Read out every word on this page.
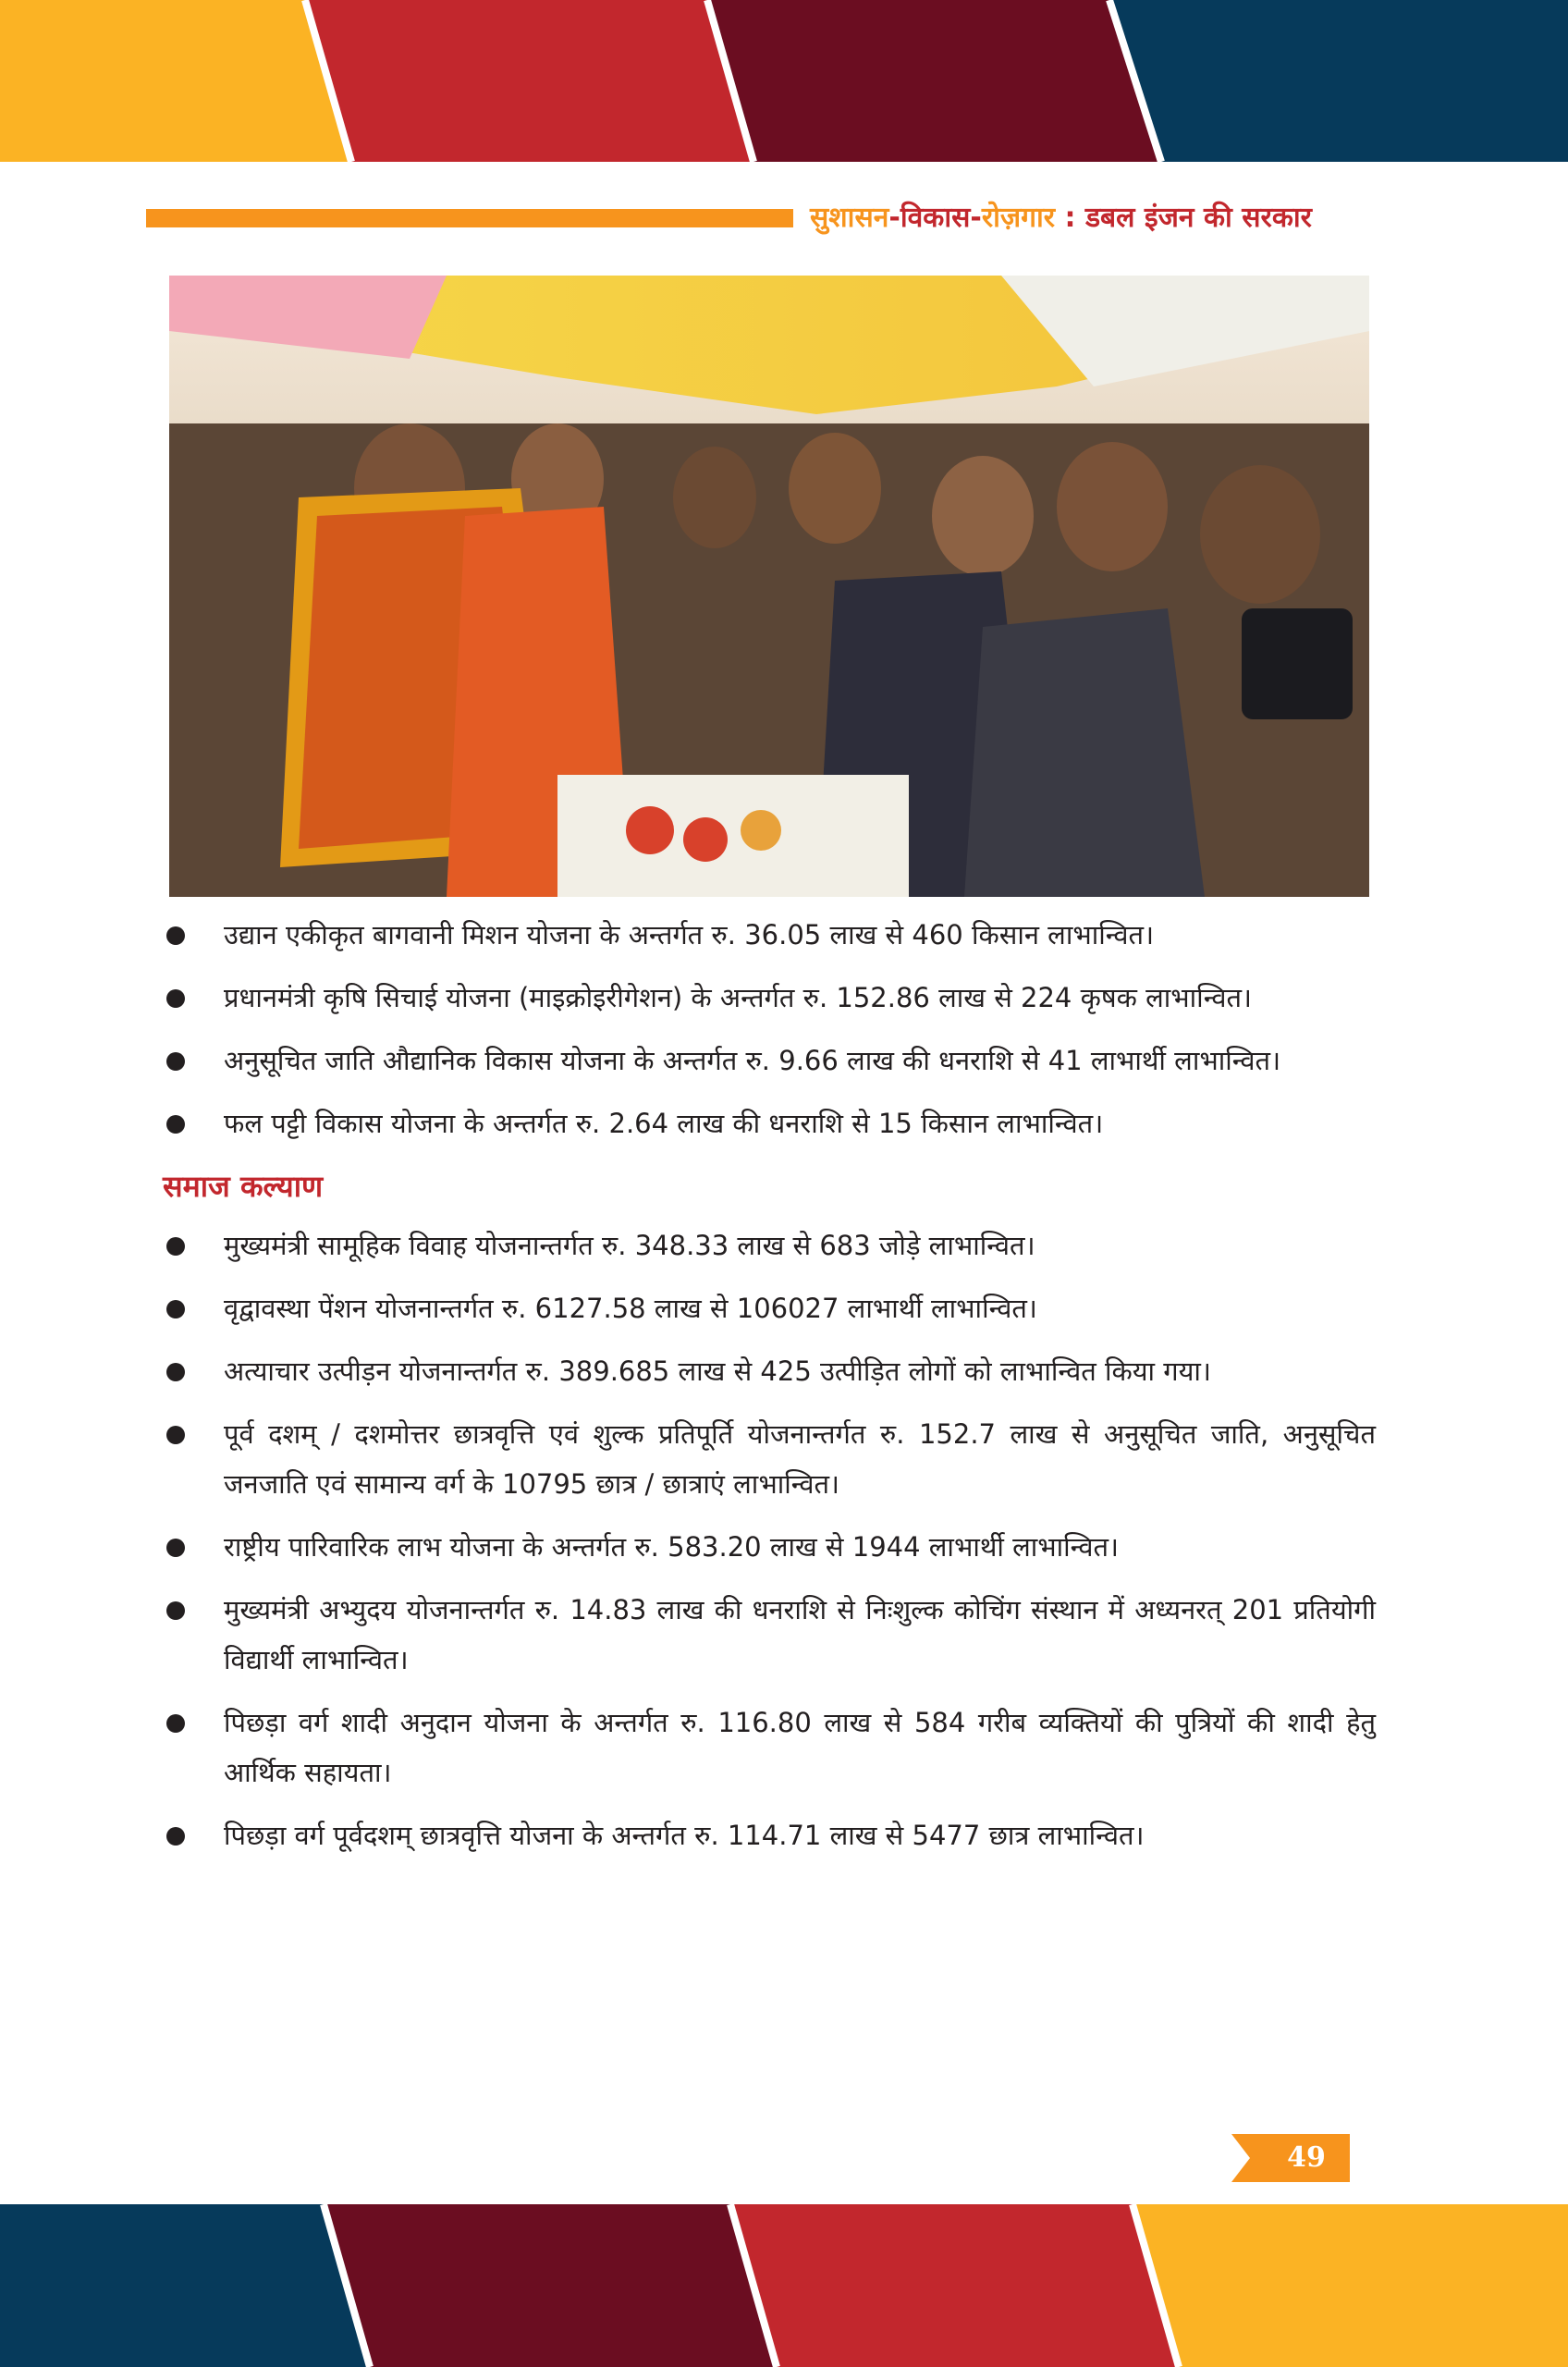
सुशासन-विकास-रोज़गार : डबल इंजन की सरकार
उद्यान एकीकृत बागवानी मिशन योजना के अन्तर्गत रु. 36.05 लाख से 460 किसान लाभान्वित।
प्रधानमंत्री कृषि सिचाई योजना (माइक्रोइरीगेशन) के अन्तर्गत रु. 152.86 लाख से 224 कृषक लाभान्वित।
अनुसूचित जाति औद्यानिक विकास योजना के अन्तर्गत रु. 9.66 लाख की धनराशि से 41 लाभार्थी लाभान्वित।
फल पट्टी विकास योजना के अन्तर्गत रु. 2.64 लाख की धनराशि से 15 किसान लाभान्वित।
समाज कल्याण
मुख्यमंत्री सामूहिक विवाह योजनान्तर्गत रु. 348.33 लाख से 683 जोड़े लाभान्वित।
वृद्वावस्था पेंशन योजनान्तर्गत रु. 6127.58 लाख से 106027 लाभार्थी लाभान्वित।
अत्याचार उत्पीड़न योजनान्तर्गत रु. 389.685 लाख से 425 उत्पीड़ित लोगों को लाभान्वित किया गया।
पूर्व दशम् / दशमोत्तर छात्रवृत्ति एवं शुल्क प्रतिपूर्ति योजनान्तर्गत रु. 152.7 लाख से अनुसूचित जाति, अनुसूचित जनजाति एवं सामान्य वर्ग के 10795 छात्र / छात्राएं लाभान्वित।
राष्ट्रीय पारिवारिक लाभ योजना के अन्तर्गत रु. 583.20 लाख से 1944 लाभार्थी लाभान्वित।
मुख्यमंत्री अभ्युदय योजनान्तर्गत रु. 14.83 लाख की धनराशि से निःशुल्क कोचिंग संस्थान में अध्यनरत् 201 प्रतियोगी विद्यार्थी लाभान्वित।
पिछड़ा वर्ग शादी अनुदान योजना के अन्तर्गत रु. 116.80 लाख से 584 गरीब व्यक्तियों की पुत्रियों की शादी हेतु आर्थिक सहायता।
पिछड़ा वर्ग पूर्वदशम् छात्रवृत्ति योजना के अन्तर्गत रु. 114.71 लाख से 5477 छात्र लाभान्वित।
49
